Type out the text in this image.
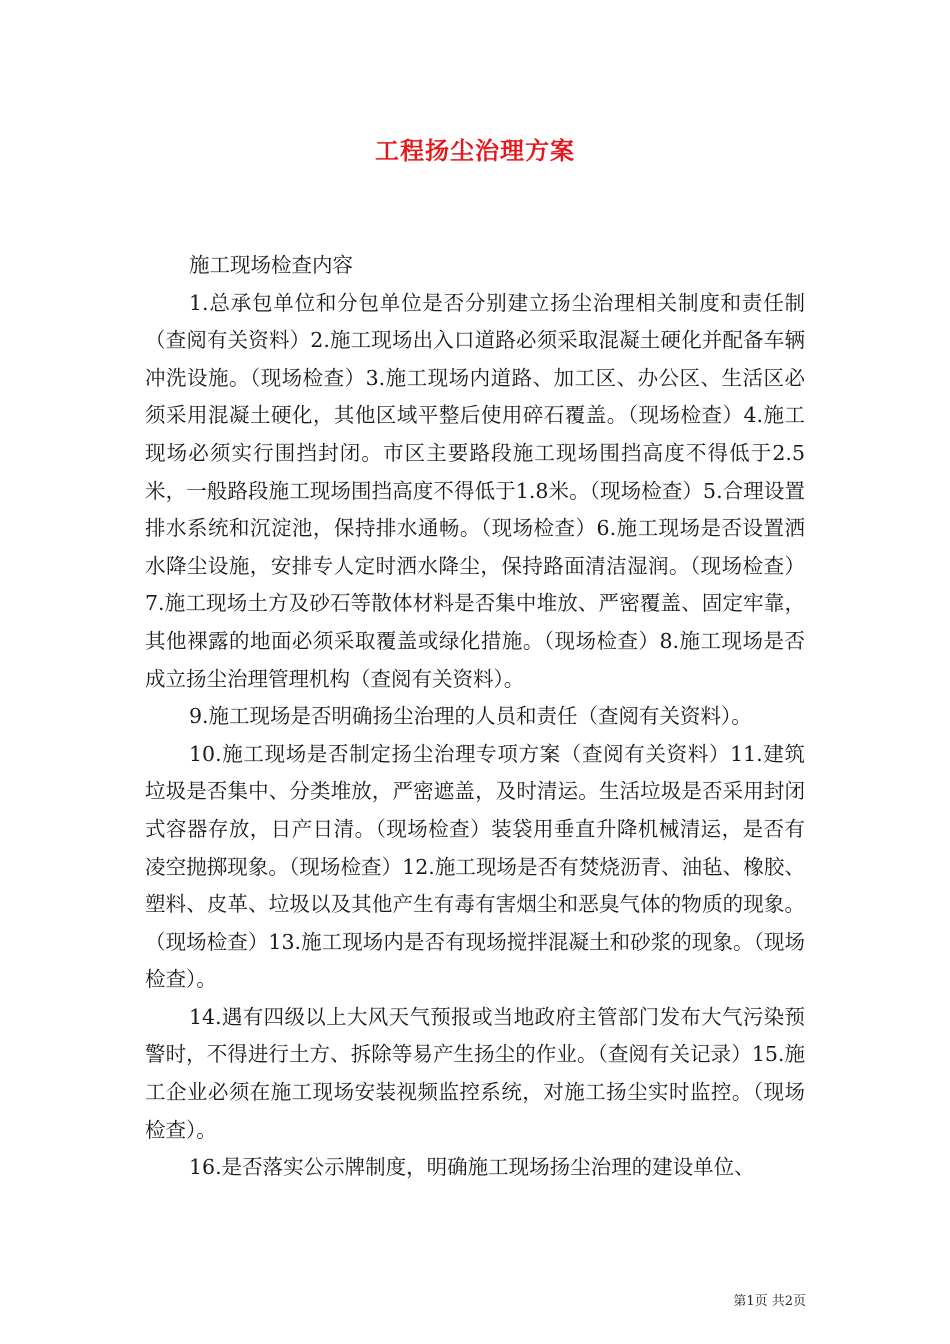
工程扬尘治理方案

施工现场检查内容

1.总承包单位和分包单位是否分别建立扬尘治理相关制度和责任制（查阅有关资料）2.施工现场出入口道路必须采取混凝土硬化并配备车辆冲洗设施。（现场检查）3.施工现场内道路、加工区、办公区、生活区必须采用混凝土硬化，其他区域平整后使用碎石覆盖。（现场检查）4.施工现场必须实行围挡封闭。市区主要路段施工现场围挡高度不得低于2.5米，一般路段施工现场围挡高度不得低于1.8米。（现场检查）5.合理设置排水系统和沉淀池，保持排水通畅。（现场检查）6.施工现场是否设置洒水降尘设施，安排专人定时洒水降尘，保持路面清洁湿润。（现场检查）7.施工现场土方及砂石等散体材料是否集中堆放、严密覆盖、固定牢靠，其他裸露的地面必须采取覆盖或绿化措施。（现场检查）8.施工现场是否成立扬尘治理管理机构（查阅有关资料）。

9.施工现场是否明确扬尘治理的人员和责任（查阅有关资料）。

10.施工现场是否制定扬尘治理专项方案（查阅有关资料）11.建筑垃圾是否集中、分类堆放，严密遮盖，及时清运。生活垃圾是否采用封闭式容器存放，日产日清。（现场检查）装袋用垂直升降机械清运，是否有凌空抛掷现象。（现场检查）12.施工现场是否有焚烧沥青、油毡、橡胶、塑料、皮革、垃圾以及其他产生有毒有害烟尘和恶臭气体的物质的现象。（现场检查）13.施工现场内是否有现场搅拌混凝土和砂浆的现象。（现场检查）。

14.遇有四级以上大风天气预报或当地政府主管部门发布大气污染预警时，不得进行土方、拆除等易产生扬尘的作业。（查阅有关记录）15.施工企业必须在施工现场安装视频监控系统，对施工扬尘实时监控。（现场检查）。

16.是否落实公示牌制度，明确施工现场扬尘治理的建设单位、

第1页 共2页
